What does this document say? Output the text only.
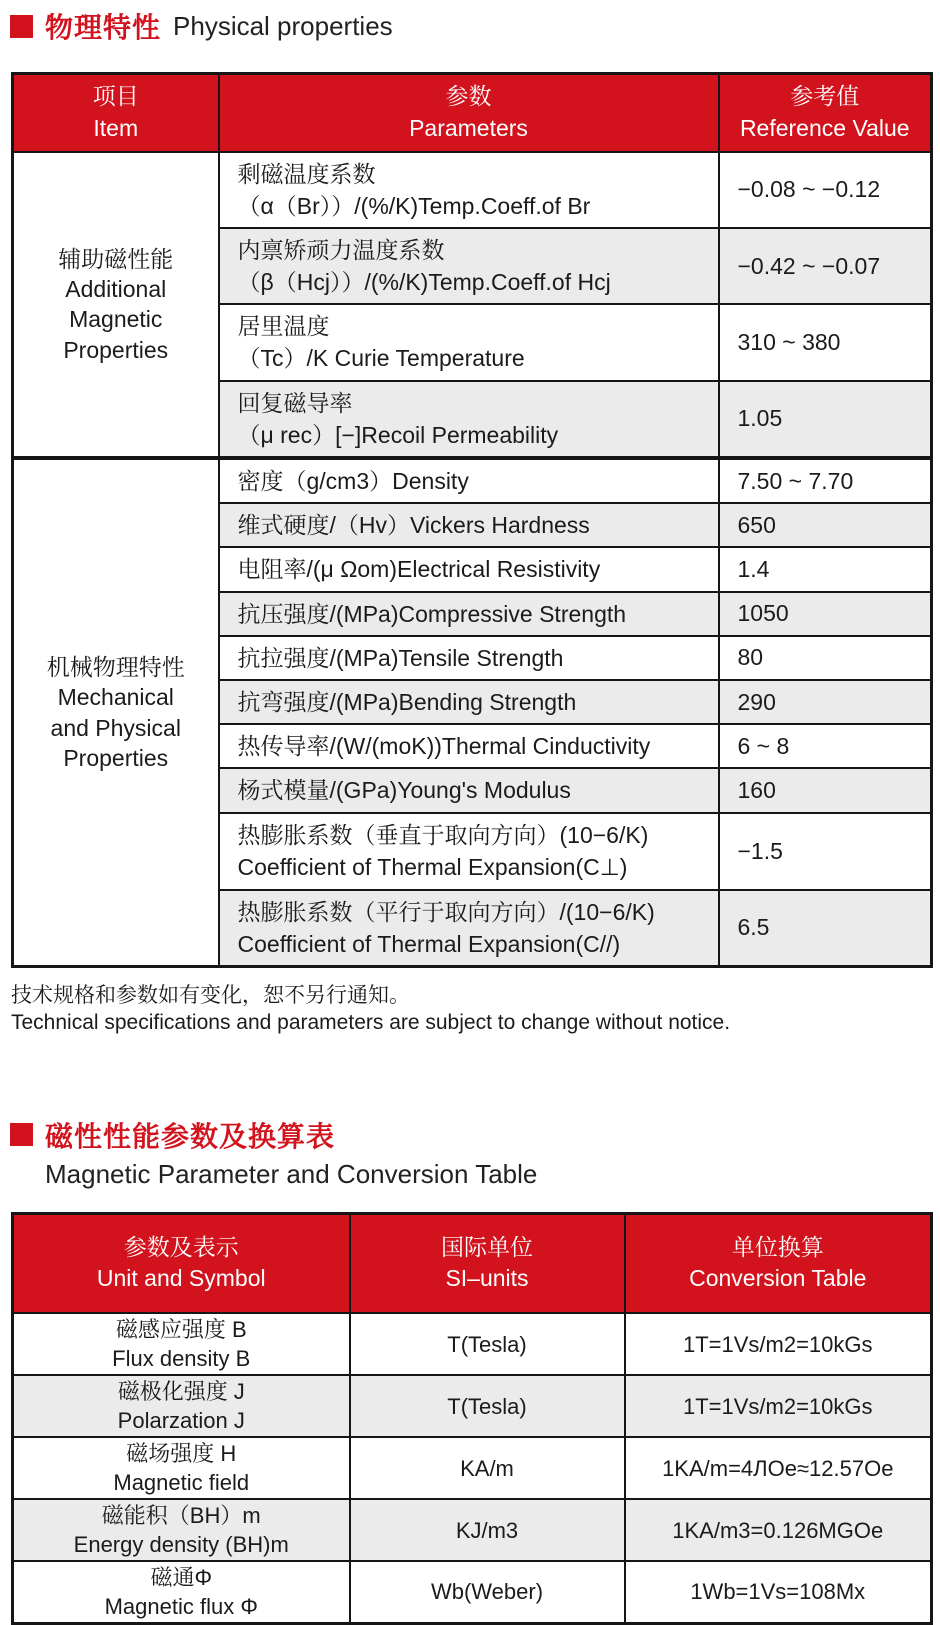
物理特性 Physical properties
项目
Item

参数
Parameters

参考值
Reference Value

辅助磁性能
Additional
Magnetic
Properties

剩磁温度系数
（α（Br））/(%/K)Temp.Coeff.of Br
	−0.08 ~ −0.12

	内禀矫顽力温度系数
（β（Hcj））/(%/K)Temp.Coeff.of Hcj	−0.42 ~ −0.07

	居里温度
（Tc）/K Curie Temperature	310 ~ 380

	回复磁导率
（μ rec）[−]Recoil Permeability	1.05

机械物理特性
Mechanical
and Physical
Properties	密度（g/cm3）Density	7.50 ~ 7.70
	维式硬度/（Hv）Vickers Hardness	650
	电阻率/(μ Ωom)Electrical Resistivity	1.4
	抗压强度/(MPa)Compressive Strength	1050
	抗拉强度/(MPa)Tensile Strength	80
	抗弯强度/(MPa)Bending Strength	290
	热传导率/(W/(moK))Thermal Cinductivity	6 ~ 8
	杨式模量/(GPa)Young's Modulus	160

	热膨胀系数（垂直于取向方向）(10−6/K)
Coefficient of Thermal Expansion(C⊥)	−1.5

	热膨胀系数（平行于取向方向）/(10−6/K)
Coefficient of Thermal Expansion(C//)	6.5
技术规格和参数如有变化，恕不另行通知。
Technical specifications and parameters are subject to change without notice.
磁性性能参数及换算表
Magnetic Parameter and Conversion Table
参数及表示
Unit and Symbol

国际单位
SI–units

单位换算
Conversion Table

磁感应强度 B
Flux density B	T(Tesla)	1T=1Vs/m2=10kGs

磁极化强度 J
Polarzation J	T(Tesla)	1T=1Vs/m2=10kGs

磁场强度 H
Magnetic field	KA/m	1KA/m=4ЛOe≈12.57Oe

磁能积（BH）m
Energy density (BH)m	KJ/m3	1KA/m3=0.126MGOe

磁通Φ
Magnetic flux Φ	Wb(Weber)	1Wb=1Vs=108Mx
